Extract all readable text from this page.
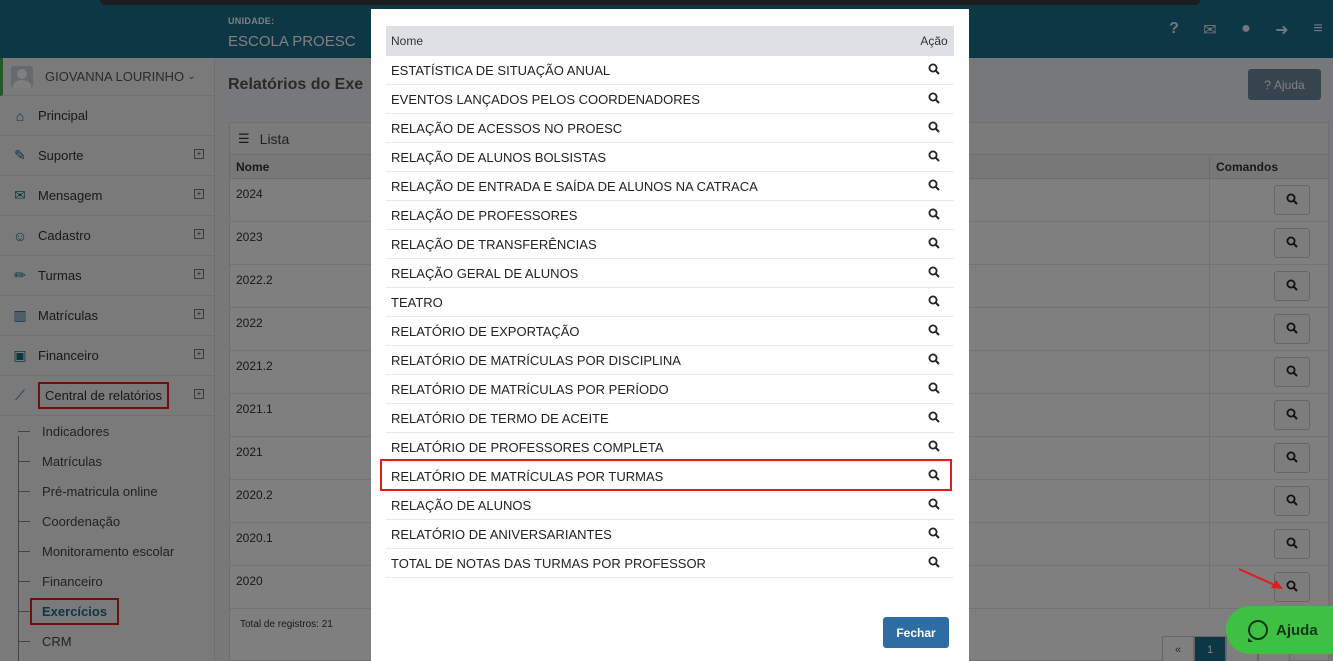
Nome	Ação
ESTATÍSTICA DE SITUAÇÃO ANUAL
EVENTOS LANÇADOS PELOS COORDENADORES
RELAÇÃO DE ACESSOS NO PROESC
RELAÇÃO DE ALUNOS BOLSISTAS
RELAÇÃO DE ENTRADA E SAÍDA DE ALUNOS NA CATRACA
RELAÇÃO DE PROFESSORES
RELAÇÃO DE TRANSFERÊNCIAS
RELAÇÃO GERAL DE ALUNOS
TEATRO
RELATÓRIO DE EXPORTAÇÃO
RELATÓRIO DE MATRÍCULAS POR DISCIPLINA
RELATÓRIO DE MATRÍCULAS POR PERÍODO
RELATÓRIO DE TERMO DE ACEITE
RELATÓRIO DE PROFESSORES COMPLETA
RELATÓRIO DE MATRÍCULAS POR TURMAS
RELAÇÃO DE ALUNOS
RELATÓRIO DE ANIVERSARIANTES
TOTAL DE NOTAS DAS TURMAS POR PROFESSOR
Fechar	Ajuda
